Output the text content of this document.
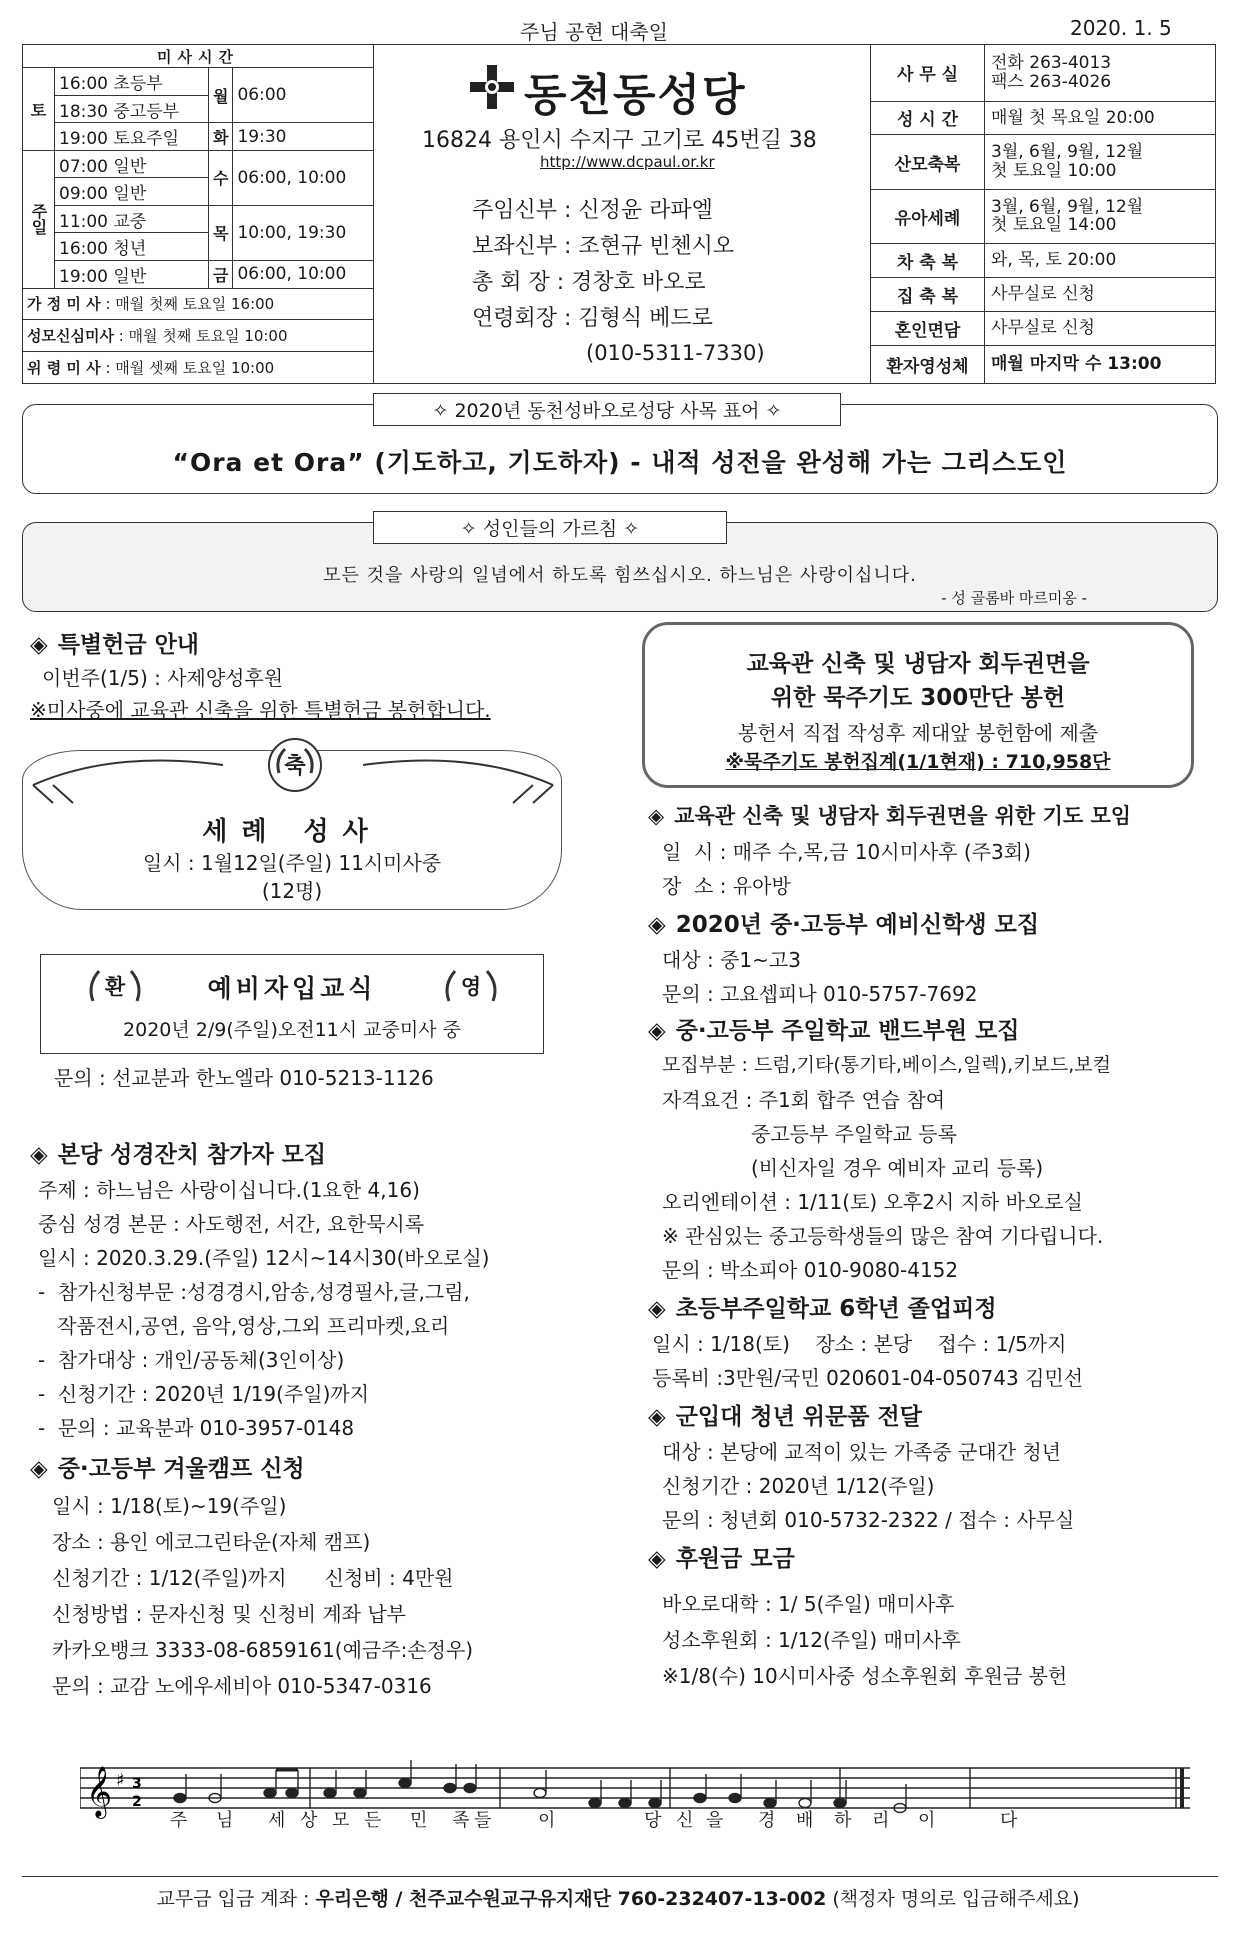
주님 공현 대축일	2020. 1. 5
미사시간			
토	16:00 초등부	월	06:00
	18:30 중고등부		
	19:00 토요주일	화	19:30
주일	07:00 일반	수	06:00, 10:00
	09:00 일반		
	11:00 교중	목	10:00, 19:30
	16:00 청년		
	19:00 일반	금	06:00, 10:00
가 정 미 사 : 매월 첫째 토요일 16:00			
성모신심미사 : 매월 첫째 토요일 10:00			
위 령 미 사 : 매월 셋째 토요일 10:00			
동천동성당
16824 용인시 수지구 고기로 45번길 38
http://www.dcpaul.or.kr
주임신부 : 신정윤 라파엘
보좌신부 : 조현규 빈첸시오
총 회 장 : 경창호 바오로
연령회장 : 김형식 베드로
(010-5311-7330)
사 무 실	전화 263-4013
팩스 263-4026
성 시 간	매월 첫 목요일 20:00
산모축복	3월, 6월, 9월, 12월
첫 토요일 10:00
유아세례	3월, 6월, 9월, 12월
첫 토요일 14:00
차 축 복	와, 목, 토 20:00
집 축 복	사무실로 신청
혼인면담	사무실로 신청
환자영성체	매월 마지막 수 13:00
✧ 2020년 동천성바오로성당 사목 표어 ✧
“Ora et Ora” (기도하고, 기도하자) - 내적 성전을 완성해 가는 그리스도인
✧ 성인들의 가르침 ✧
모든 것을 사랑의 일념에서 하도록 힘쓰십시오. 하느님은 사랑이십니다.
- 성 골롬바 마르미옹 -
◈ 특별헌금 안내
이번주(1/5) : 사제양성후원
※미사중에 교육관 신축을 위한 특별헌금 봉헌합니다.
축
세례 성사
일시 : 1월12일(주일) 11시미사중
(12명)
환	영
예비자입교식
2020년 2/9(주일)오전11시 교중미사 중
문의 : 선교분과 한노엘라 010-5213-1126
◈ 본당 성경잔치 참가자 모집
주제 : 하느님은 사랑이십니다.(1요한 4,16)
중심 성경 본문 : 사도행전, 서간, 요한묵시록
일시 : 2020.3.29.(주일) 12시~14시30(바오로실)
-  참가신청부문 :성경경시,암송,성경필사,글,그림,
작품전시,공연, 음악,영상,그외 프리마켓,요리
-  참가대상 : 개인/공동체(3인이상)
-  신청기간 : 2020년 1/19(주일)까지
-  문의 : 교육분과 010-3957-0148
◈ 중·고등부 겨울캠프 신청
일시 : 1/18(토)~19(주일)
장소 : 용인 에코그린타운(자체 캠프)
신청기간 : 1/12(주일)까지      신청비 : 4만원
신청방법 : 문자신청 및 신청비 계좌 납부
카카오뱅크 3333-08-6859161(예금주:손정우)
문의 : 교감 노에우세비아 010-5347-0316
교육관 신축 및 냉담자 회두권면을
위한 묵주기도 300만단 봉헌
봉헌서 직접 작성후 제대앞 봉헌함에 제출
※묵주기도 봉헌집계(1/1현재) : 710,958단
◈ 교육관 신축 및 냉담자 회두권면을 위한 기도 모임
일  시 : 매주 수,목,금 10시미사후 (주3회)
장  소 : 유아방
◈ 2020년 중·고등부 예비신학생 모집
대상 : 중1~고3
문의 : 고요셉피나 010-5757-7692
◈ 중·고등부 주일학교 밴드부원 모집
모집부분 : 드럼,기타(통기타,베이스,일렉),키보드,보컬
자격요건 : 주1회 합주 연습 참여
중고등부 주일학교 등록
(비신자일 경우 예비자 교리 등록)
오리엔테이션 : 1/11(토) 오후2시 지하 바오로실
※ 관심있는 중고등학생들의 많은 참여 기다립니다.
문의 : 박소피아 010-9080-4152
◈ 초등부주일학교 6학년 졸업피정
일시 : 1/18(토)    장소 : 본당    접수 : 1/5까지
등록비 :3만원/국민 020601-04-050743 김민선
◈ 군입대 청년 위문품 전달
대상 : 본당에 교적이 있는 가족중 군대간 청년
신청기간 : 2020년 1/12(주일)
문의 : 청년회 010-5732-2322 / 접수 : 사무실
◈ 후원금 모금
바오로대학 : 1/ 5(주일) 매미사후
성소후원회 : 1/12(주일) 매미사후
※1/8(수) 10시미사중 성소후원회 후원금 봉헌
𝄞 ♯ 3
2
주 님 세 상 모 든 민 족 들	이	당 신 을 경 배 하 리 이	다
교무금 입금 계좌 : 우리은행 / 천주교수원교구유지재단 760-232407-13-002 (책정자 명의로 입금해주세요)
